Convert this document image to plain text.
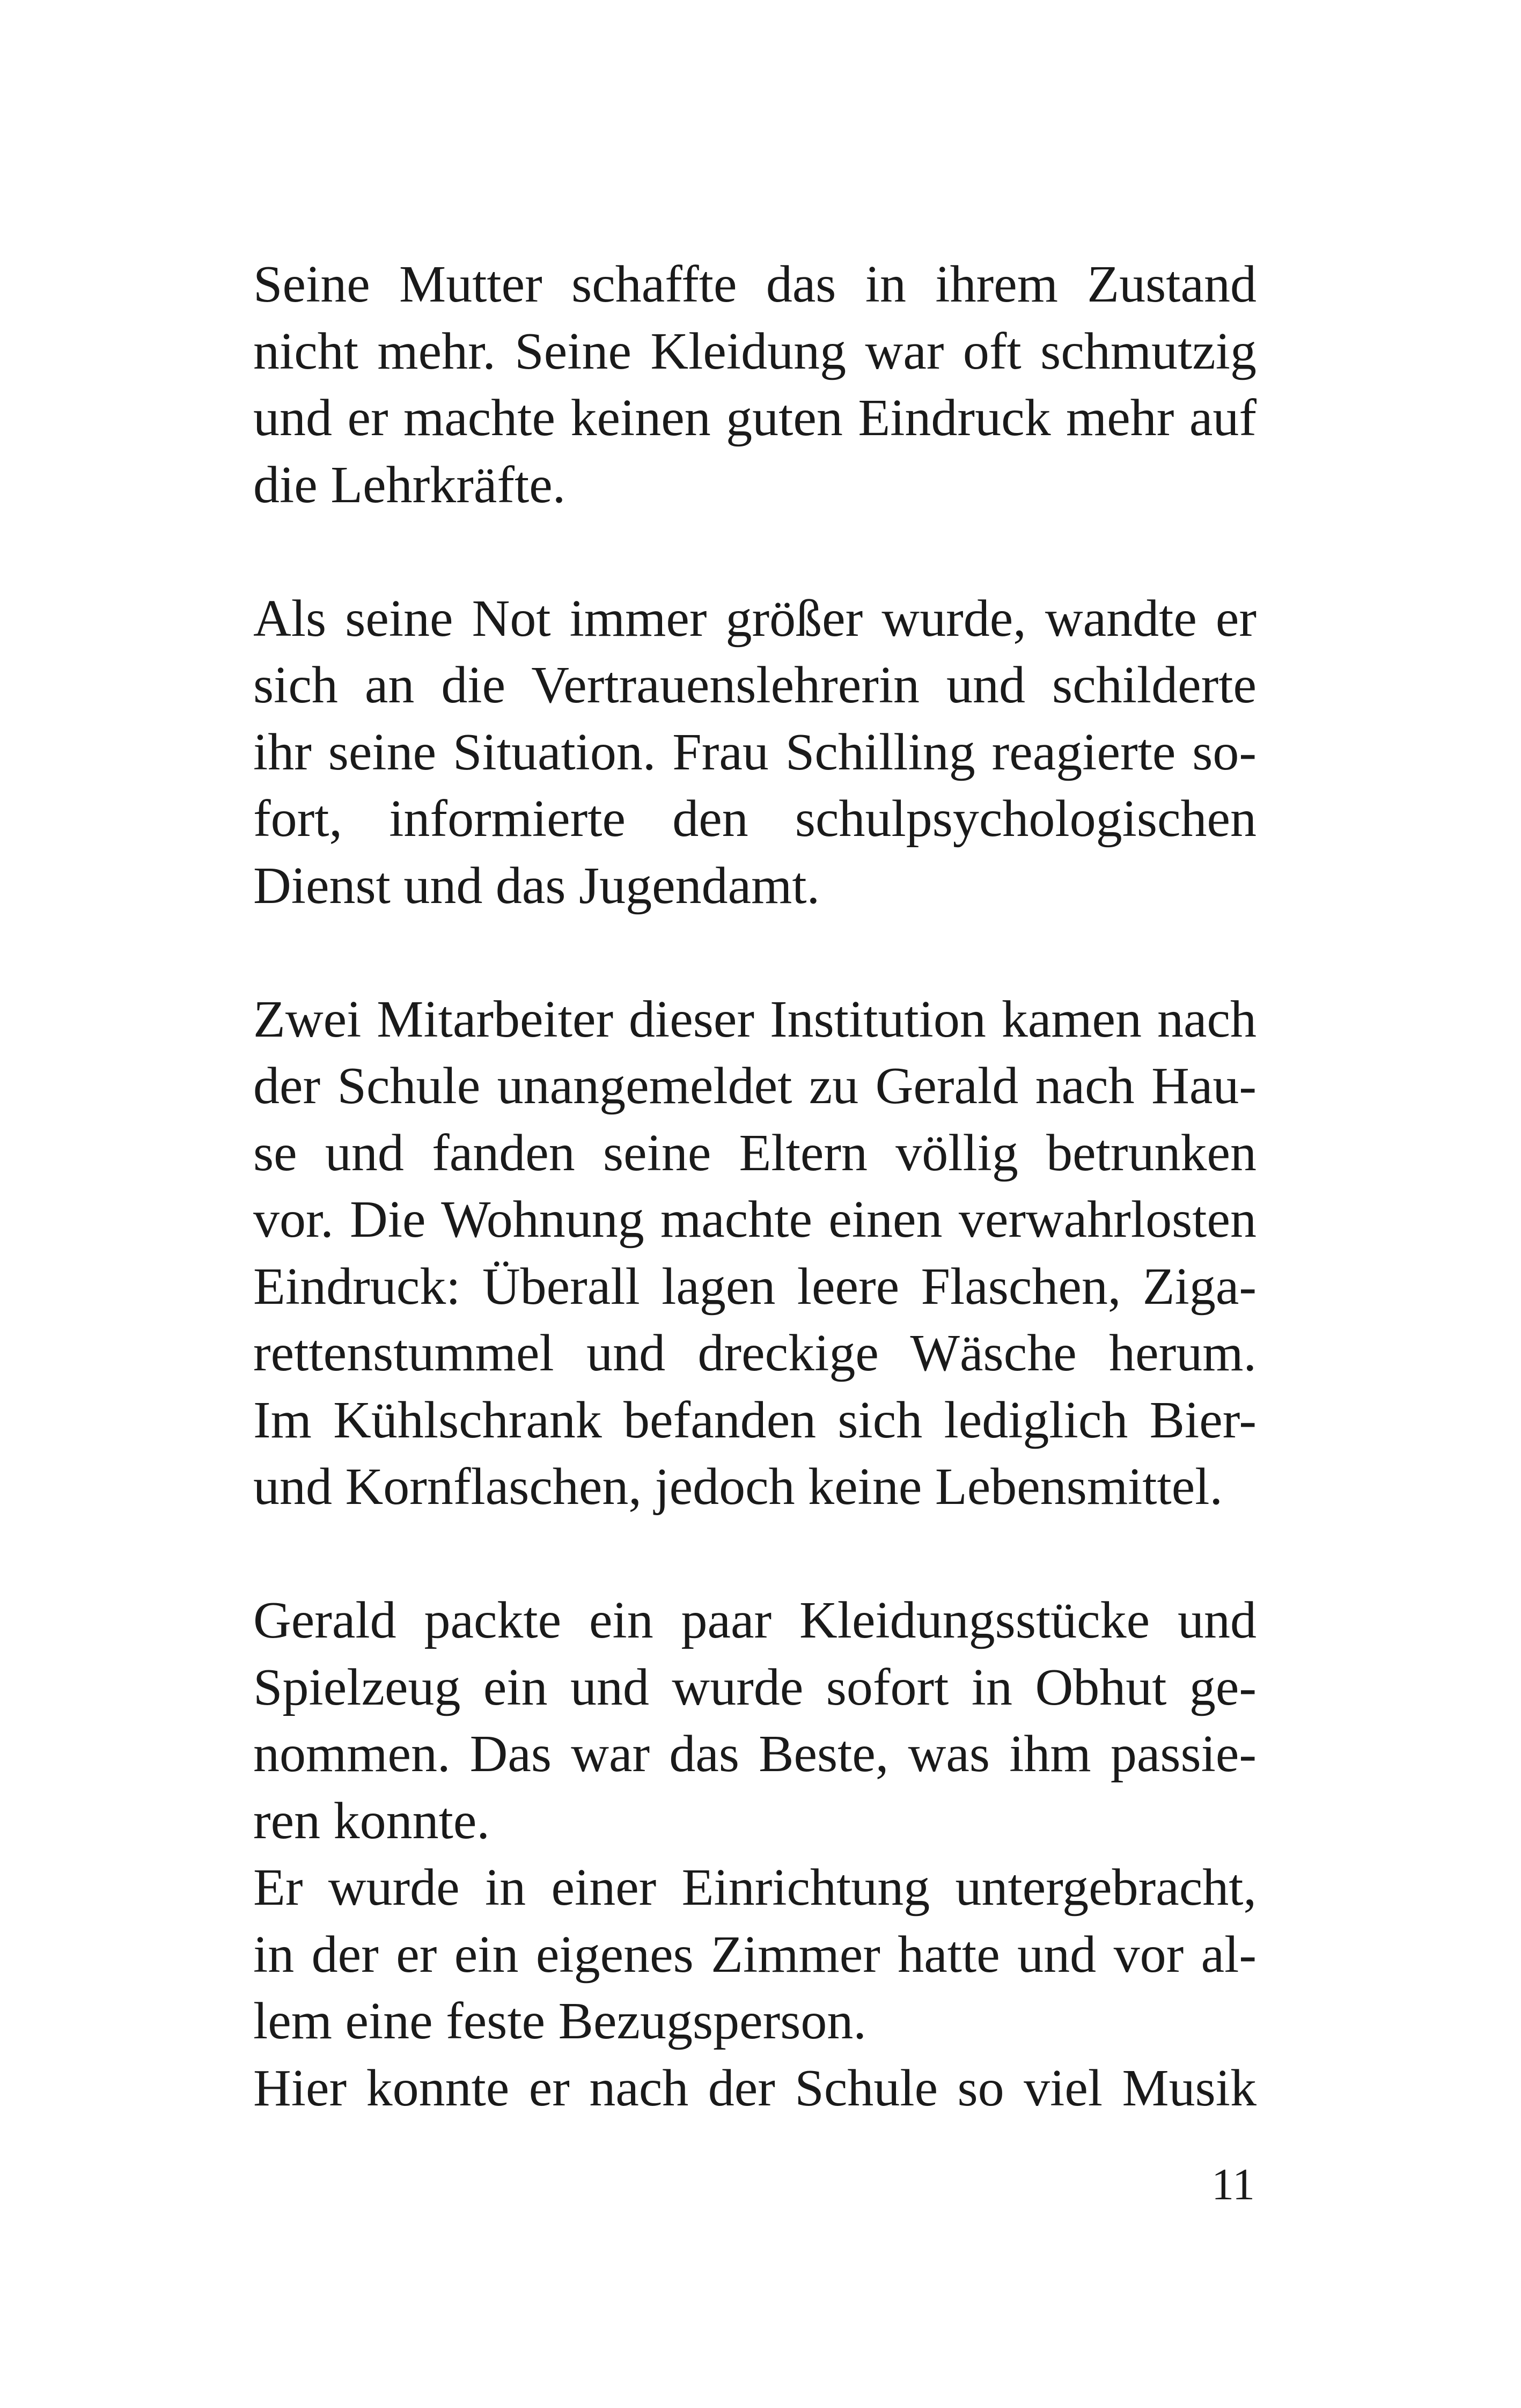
Seine Mutter schaffte das in ihrem Zustand
nicht mehr. Seine Kleidung war oft schmutzig
und er machte keinen guten Eindruck mehr auf
die Lehrkräfte.
Als seine Not immer größer wurde, wandte er
sich an die Vertrauenslehrerin und schilderte
ihr seine Situation. Frau Schilling reagierte so-
fort, informierte den schulpsychologischen
Dienst und das Jugendamt.
Zwei Mitarbeiter dieser Institution kamen nach
der Schule unangemeldet zu Gerald nach Hau-
se und fanden seine Eltern völlig betrunken
vor. Die Wohnung machte einen verwahrlosten
Eindruck: Überall lagen leere Flaschen, Ziga-
rettenstummel und dreckige Wäsche herum.
Im Kühlschrank befanden sich lediglich Bier-
und Kornflaschen, jedoch keine Lebensmittel.
Gerald packte ein paar Kleidungsstücke und
Spielzeug ein und wurde sofort in Obhut ge-
nommen. Das war das Beste, was ihm passie-
ren konnte.
Er wurde in einer Einrichtung untergebracht,
in der er ein eigenes Zimmer hatte und vor al-
lem eine feste Bezugsperson.
Hier konnte er nach der Schule so viel Musik
11
